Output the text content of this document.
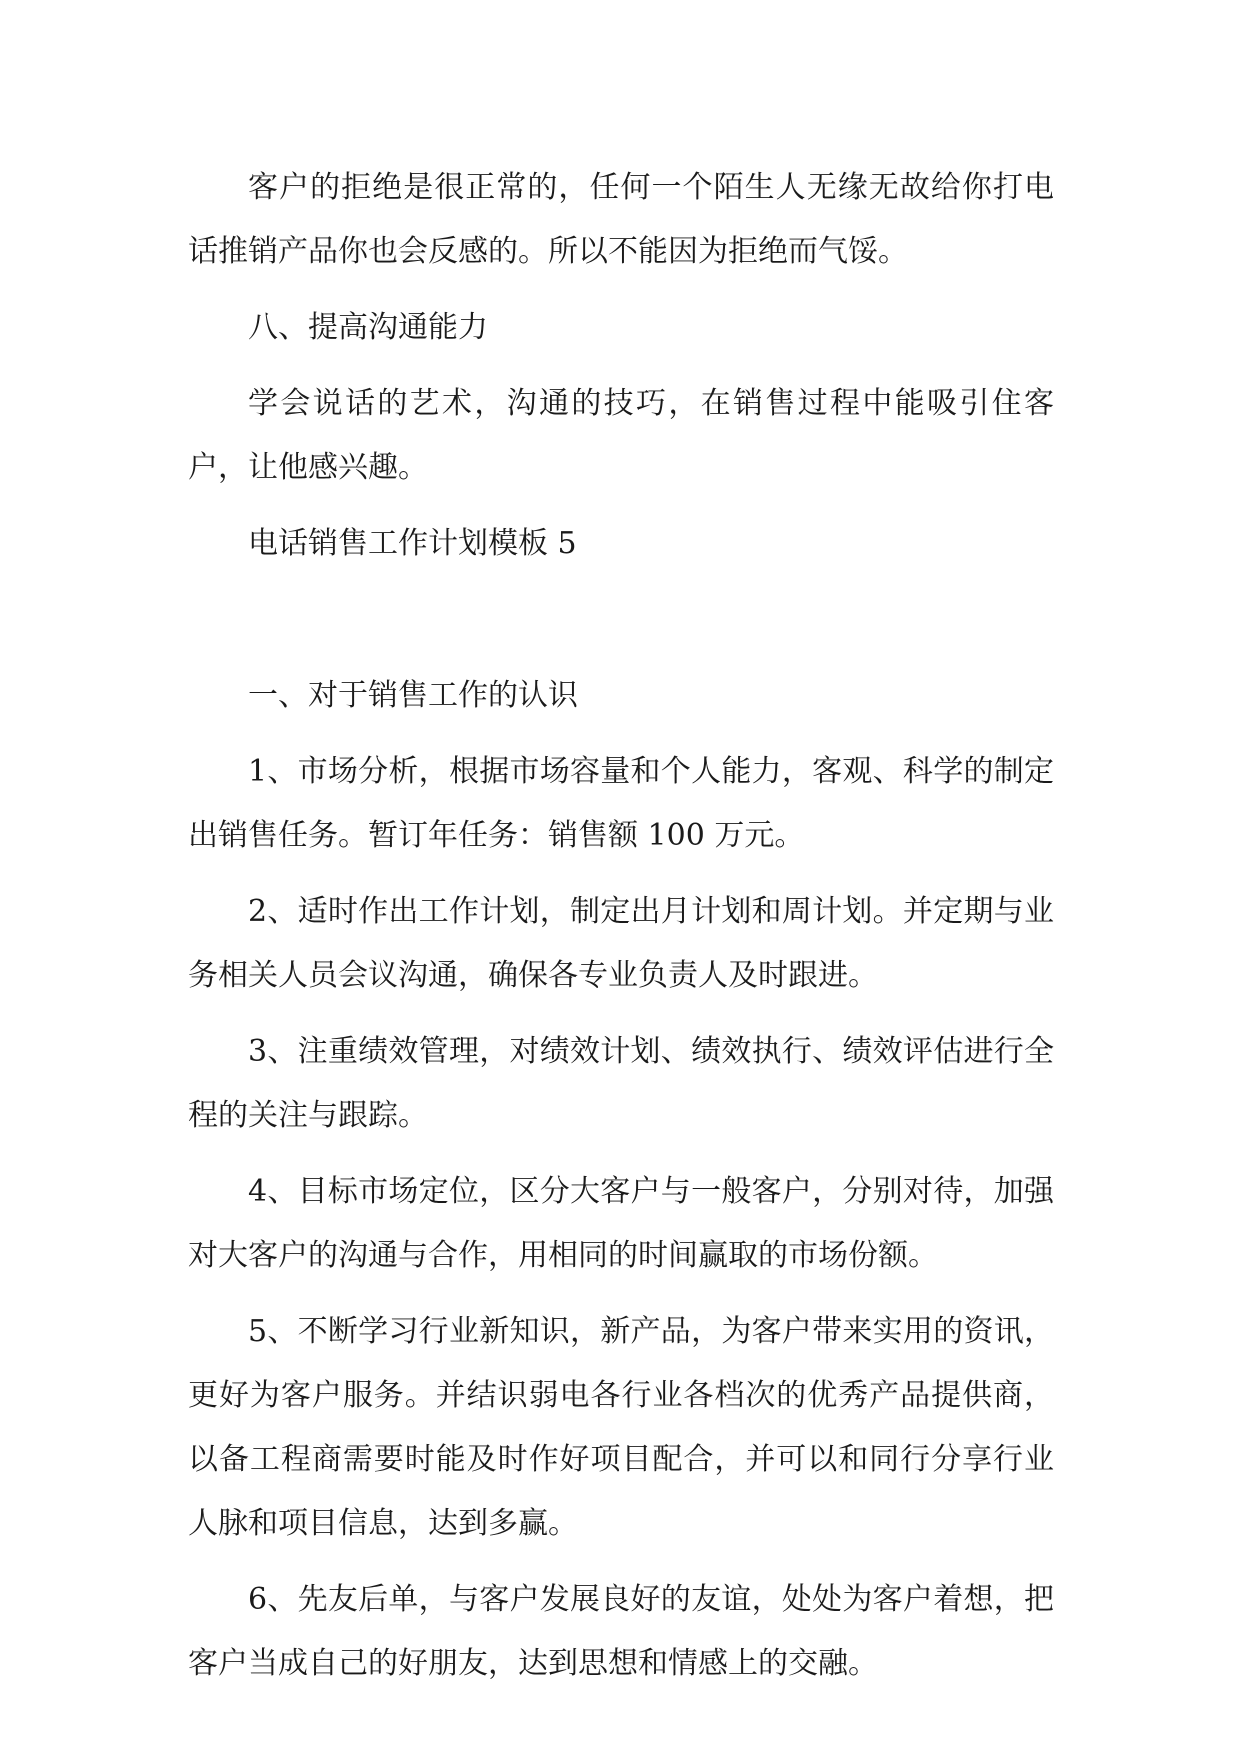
客户的拒绝是很正常的，任何一个陌生人无缘无故给你打电话推销产品你也会反感的。所以不能因为拒绝而气馁。

八、提高沟通能力

学会说话的艺术，沟通的技巧，在销售过程中能吸引住客户，让他感兴趣。

电话销售工作计划模板 5

一、对于销售工作的认识

1、市场分析，根据市场容量和个人能力，客观、科学的制定出销售任务。暂订年任务：销售额 100 万元。

2、适时作出工作计划，制定出月计划和周计划。并定期与业务相关人员会议沟通，确保各专业负责人及时跟进。

3、注重绩效管理，对绩效计划、绩效执行、绩效评估进行全程的关注与跟踪。

4、目标市场定位，区分大客户与一般客户，分别对待，加强对大客户的沟通与合作，用相同的时间赢取的市场份额。

5、不断学习行业新知识，新产品，为客户带来实用的资讯，更好为客户服务。并结识弱电各行业各档次的优秀产品提供商，以备工程商需要时能及时作好项目配合，并可以和同行分享行业人脉和项目信息，达到多赢。

6、先友后单，与客户发展良好的友谊，处处为客户着想，把客户当成自己的好朋友，达到思想和情感上的交融。
